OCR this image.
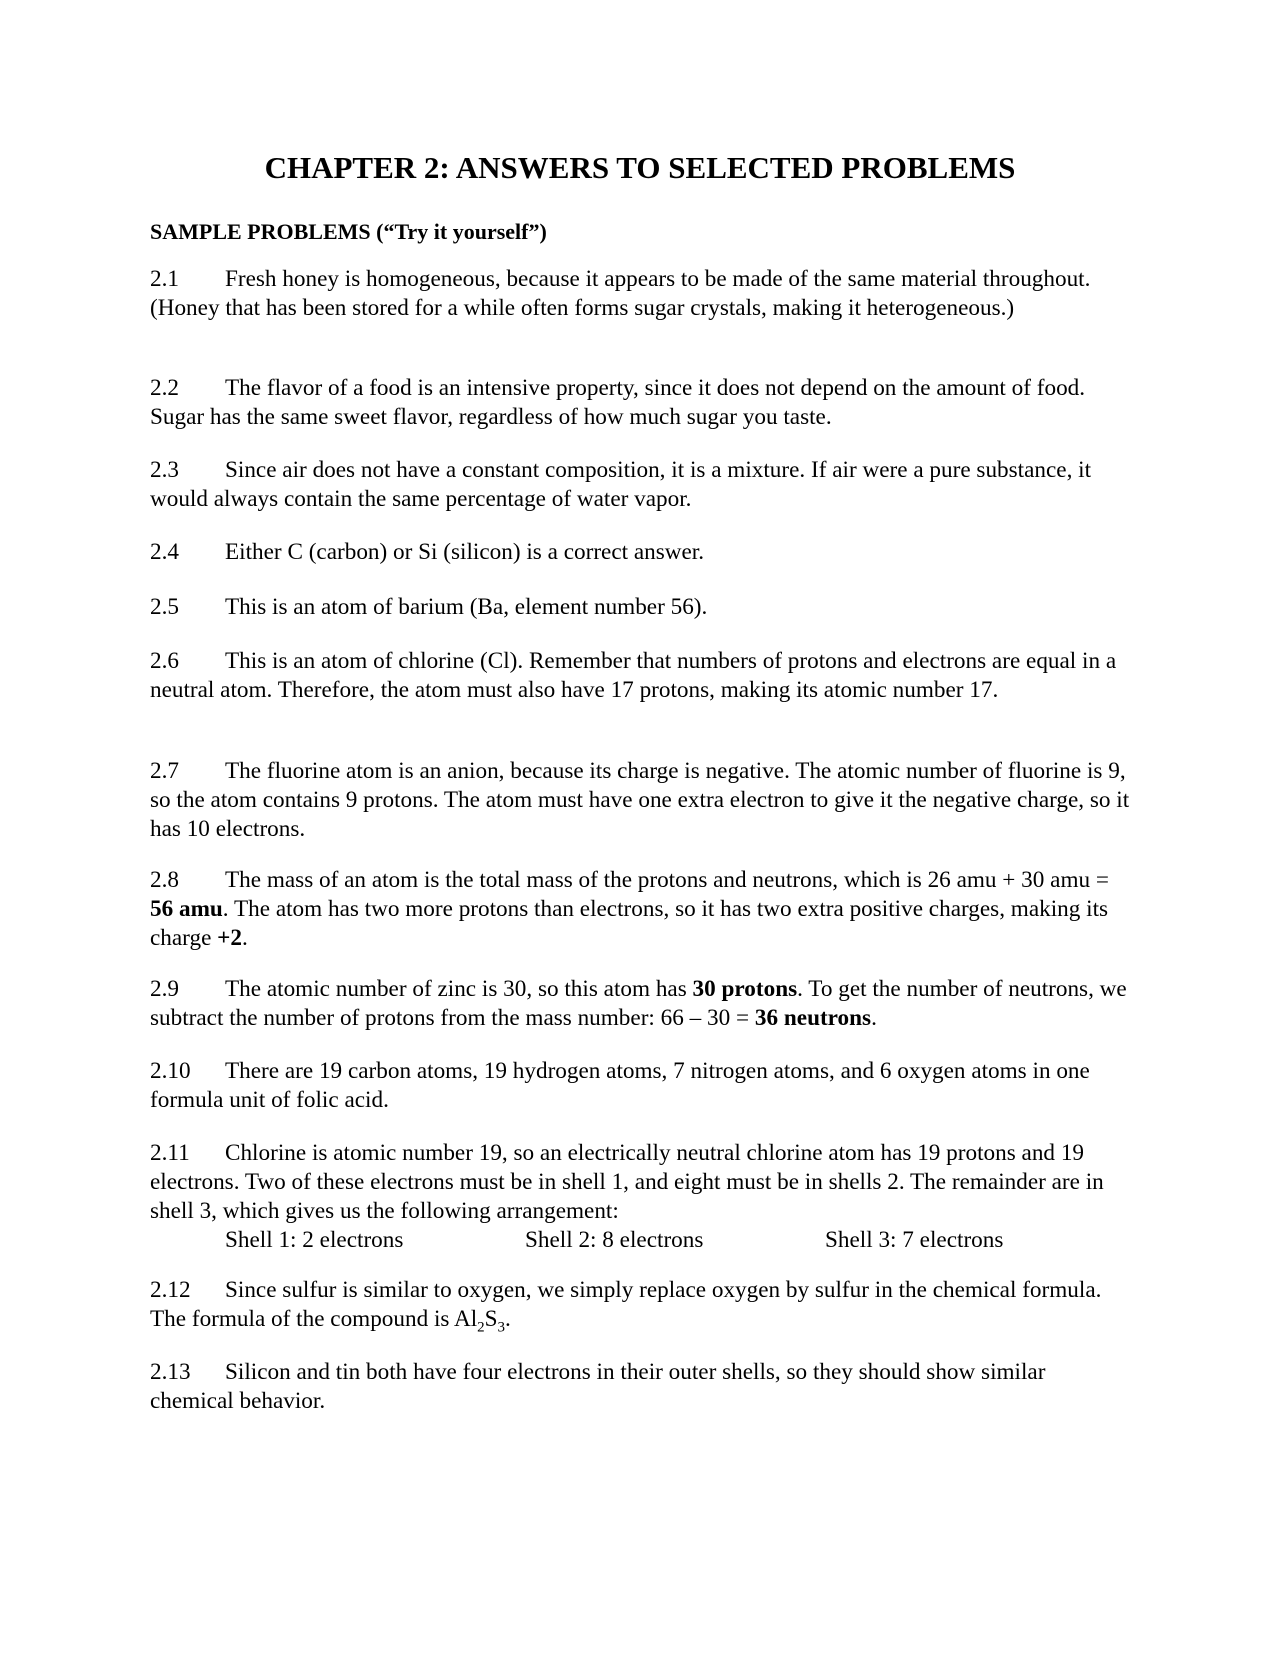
CHAPTER 2: ANSWERS TO SELECTED PROBLEMS
SAMPLE PROBLEMS (“Try it yourself”)

2.1 Fresh honey is homogeneous, because it appears to be made of the same material throughout. (Honey that has been stored for a while often forms sugar crystals, making it heterogeneous.)

2.2 The flavor of a food is an intensive property, since it does not depend on the amount of food. Sugar has the same sweet flavor, regardless of how much sugar you taste.

2.3 Since air does not have a constant composition, it is a mixture. If air were a pure substance, it would always contain the same percentage of water vapor.

2.4 Either C (carbon) or Si (silicon) is a correct answer.

2.5 This is an atom of barium (Ba, element number 56).

2.6 This is an atom of chlorine (Cl). Remember that numbers of protons and electrons are equal in a neutral atom. Therefore, the atom must also have 17 protons, making its atomic number 17.

2.7 The fluorine atom is an anion, because its charge is negative. The atomic number of fluorine is 9, so the atom contains 9 protons. The atom must have one extra electron to give it the negative charge, so it has 10 electrons.

2.8 The mass of an atom is the total mass of the protons and neutrons, which is 26 amu + 30 amu = 56 amu. The atom has two more protons than electrons, so it has two extra positive charges, making its charge +2.

2.9 The atomic number of zinc is 30, so this atom has 30 protons. To get the number of neutrons, we subtract the number of protons from the mass number: 66 – 30 = 36 neutrons.

2.10 There are 19 carbon atoms, 19 hydrogen atoms, 7 nitrogen atoms, and 6 oxygen atoms in one formula unit of folic acid.

2.11 Chlorine is atomic number 19, so an electrically neutral chlorine atom has 19 protons and 19 electrons. Two of these electrons must be in shell 1, and eight must be in shells 2. The remainder are in shell 3, which gives us the following arrangement:

Shell 1: 2 electrons	Shell 2: 8 electrons	Shell 3: 7 electrons

2.12 Since sulfur is similar to oxygen, we simply replace oxygen by sulfur in the chemical formula. The formula of the compound is $Al_2S_3$.

2.13 Silicon and tin both have four electrons in their outer shells, so they should show similar chemical behavior.
